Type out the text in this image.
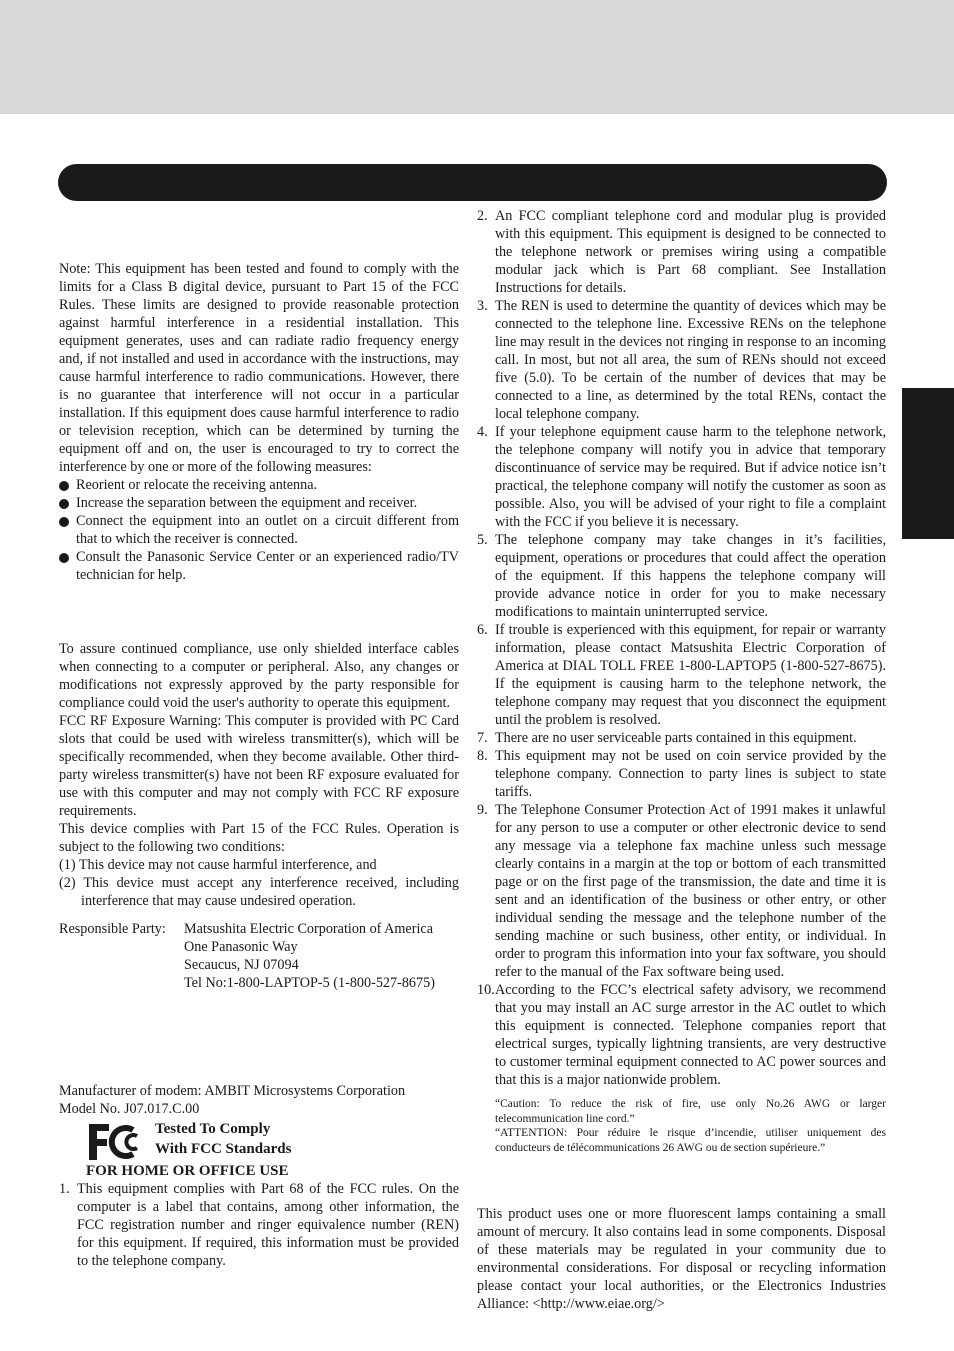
Note: This equipment has been tested and found to comply with the limits for a Class B digital device, pursuant to Part 15 of the FCC Rules. These limits are designed to provide reasonable protection against harmful interference in a residential installation. This equipment generates, uses and can radiate radio frequency energy and, if not installed and used in accordance with the instructions, may cause harmful interference to radio communications. However, there is no guarantee that interference will not occur in a particular installation. If this equipment does cause harmful interference to radio or television reception, which can be determined by turning the equipment off and on, the user is encouraged to try to correct the interference by one or more of the following measures:

Reorient or relocate the receiving antenna.
Increase the separation between the equipment and receiver.
Connect the equipment into an outlet on a circuit different from that to which the receiver is connected.
Consult the Panasonic Service Center or an experienced radio/TV technician for help.

To assure continued compliance, use only shielded interface cables when connecting to a computer or peripheral. Also, any changes or modifications not expressly approved by the party responsible for compliance could void the user's authority to operate this equipment.

FCC RF Exposure Warning: This computer is provided with PC Card slots that could be used with wireless transmitter(s), which will be specifically recommended, when they become available. Other third-party wireless transmitter(s) have not been RF exposure evaluated for use with this computer and may not comply with FCC RF exposure requirements.

This device complies with Part 15 of the FCC Rules. Operation is subject to the following two conditions:

(1) This device may not cause harmful interference, and

(2) This device must accept any interference received, including interference that may cause undesired operation.

Responsible Party: Matsushita Electric Corporation of America
One Panasonic Way
Secaucus, NJ 07094
Tel No:1-800-LAPTOP-5 (1-800-527-8675)

Manufacturer of modem: AMBIT Microsystems Corporation

Model No. J07.017.C.00

Tested To Comply
With FCC Standards
FOR HOME OR OFFICE USE
1. This equipment complies with Part 68 of the FCC rules. On the computer is a label that contains, among other information, the FCC registration number and ringer equivalence number (REN) for this equipment. If required, this information must be provided to the telephone company.
2. An FCC compliant telephone cord and modular plug is provided with this equipment. This equipment is designed to be connected to the telephone network or premises wiring using a compatible modular jack which is Part 68 compliant. See Installation Instructions for details.
3. The REN is used to determine the quantity of devices which may be connected to the telephone line. Excessive RENs on the telephone line may result in the devices not ringing in response to an incoming call. In most, but not all area, the sum of RENs should not exceed five (5.0). To be certain of the number of devices that may be connected to a line, as determined by the total RENs, contact the local telephone company.
4. If your telephone equipment cause harm to the telephone network, the telephone company will notify you in advice that temporary discontinuance of service may be required. But if advice notice isn’t practical, the telephone company will notify the customer as soon as possible. Also, you will be advised of your right to file a complaint with the FCC if you believe it is necessary.
5. The telephone company may take changes in it’s facilities, equipment, operations or procedures that could affect the operation of the equipment. If this happens the telephone company will provide advance notice in order for you to make necessary modifications to maintain uninterrupted service.
6. If trouble is experienced with this equipment, for repair or warranty information, please contact Matsushita Electric Corporation of America at DIAL TOLL FREE 1-800-LAPTOP5 (1-800-527-8675). If the equipment is causing harm to the telephone network, the telephone company may request that you disconnect the equipment until the problem is resolved.
7. There are no user serviceable parts contained in this equipment.
8. This equipment may not be used on coin service provided by the telephone company. Connection to party lines is subject to state tariffs.
9. The Telephone Consumer Protection Act of 1991 makes it unlawful for any person to use a computer or other electronic device to send any message via a telephone fax machine unless such message clearly contains in a margin at the top or bottom of each transmitted page or on the first page of the transmission, the date and time it is sent and an identification of the business or other entry, or other individual sending the message and the telephone number of the sending machine or such business, other entity, or individual. In order to program this information into your fax software, you should refer to the manual of the Fax software being used.
10. According to the FCC’s electrical safety advisory, we recommend that you may install an AC surge arrestor in the AC outlet to which this equipment is connected. Telephone companies report that electrical surges, typically lightning transients, are very destructive to customer terminal equipment connected to AC power sources and that this is a major nationwide problem.

“Caution: To reduce the risk of fire, use only No.26 AWG or larger telecommunication line cord.”

“ATTENTION: Pour réduire le risque d’incendie, utiliser uniquement des conducteurs de télécommunications 26 AWG ou de section supérieure.”

This product uses one or more fluorescent lamps containing a small amount of mercury. It also contains lead in some components. Disposal of these materials may be regulated in your community due to environmental considerations. For disposal or recycling information please contact your local authorities, or the Electronics Industries Alliance: <http://www.eiae.org/>
